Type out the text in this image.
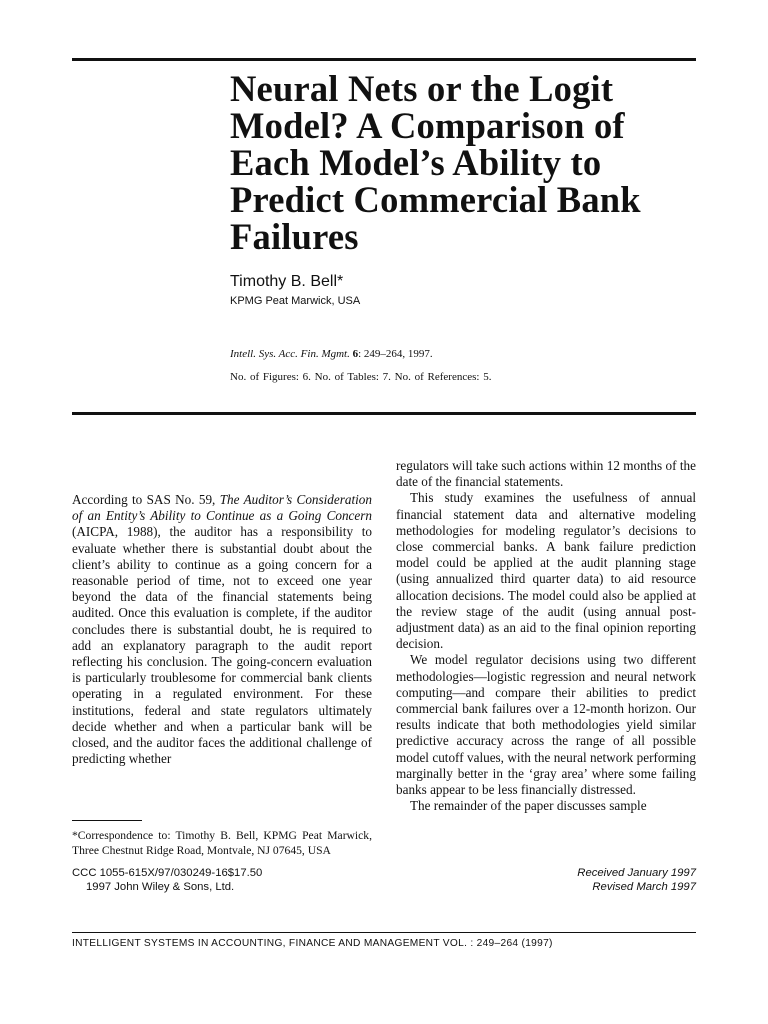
Neural Nets or the Logit
Model? A Comparison of
Each Model’s Ability to
Predict Commercial Bank
Failures
Timothy B. Bell*
KPMG Peat Marwick, USA
Intell. Sys. Acc. Fin. Mgmt. 6: 249–264, 1997.
No. of Figures: 6. No. of Tables: 7. No. of References: 5.

According to SAS No. 59, The Auditor’s Consideration of an Entity’s Ability to Continue as a Going Concern (AICPA, 1988), the auditor has a responsibility to evaluate whether there is substantial doubt about the client’s ability to continue as a going concern for a reasonable period of time, not to exceed one year beyond the data of the financial statements being audited. Once this evaluation is complete, if the auditor concludes there is substantial doubt, he is required to add an explanatory paragraph to the audit report reflecting his conclusion. The going-concern evaluation is particularly troublesome for commercial bank clients operating in a regulated environment. For these institutions, federal and state regulators ultimately decide whether and when a particular bank will be closed, and the auditor faces the additional challenge of predicting whether

regulators will take such actions within 12 months of the date of the financial statements.

This study examines the usefulness of annual financial statement data and alternative modeling methodologies for modeling regulator’s decisions to close commercial banks. A bank failure prediction model could be applied at the audit planning stage (using annualized third quarter data) to aid resource allocation decisions. The model could also be applied at the review stage of the audit (using annual post-adjustment data) as an aid to the final opinion reporting decision.

We model regulator decisions using two different methodologies—logistic regression and neural network computing—and compare their abilities to predict commercial bank failures over a 12-month horizon. Our results indicate that both methodologies yield similar predictive accuracy across the range of all possible model cutoff values, with the neural network performing marginally better in the ‘gray area’ where some failing banks appear to be less financially distressed.

The remainder of the paper discusses sample

*Correspondence to: Timothy B. Bell, KPMG Peat Marwick, Three Chestnut Ridge Road, Montvale, NJ 07645, USA
CCC 1055-615X/97/030249-16$17.50
1997 John Wiley & Sons, Ltd.
Received January 1997
Revised March 1997
INTELLIGENT SYSTEMS IN ACCOUNTING, FINANCE AND MANAGEMENT VOL. : 249–264 (1997)
